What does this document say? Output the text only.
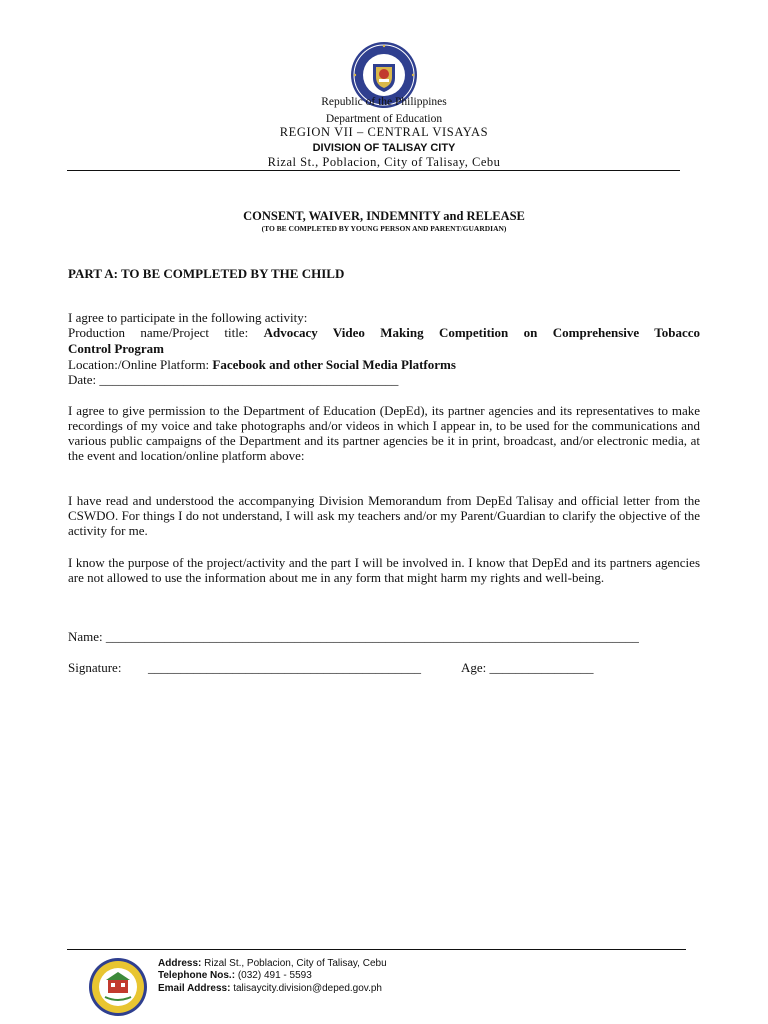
Republic of the Philippines
Department of Education
REGION VII – CENTRAL VISAYAS
DIVISION OF TALISAY CITY
Rizal St., Poblacion, City of Talisay, Cebu
CONSENT, WAIVER, INDEMNITY and RELEASE
(TO BE COMPLETED BY YOUNG PERSON AND PARENT/GUARDIAN)
PART A: TO BE COMPLETED BY THE CHILD
I agree to participate in the following activity:
Production name/Project title: Advocacy Video Making Competition on Comprehensive Tobacco
Control Program
Location:/Online Platform: Facebook and other Social Media Platforms
Date: ______________________________________________
I agree to give permission to the Department of Education (DepEd), its partner agencies and its representatives to make recordings of my voice and take photographs and/or videos in which I appear in, to be used for the communications and various public campaigns of the Department and its partner agencies be it in print, broadcast, and/or electronic media, at the event and location/online platform above:
I have read and understood the accompanying Division Memorandum from DepEd Talisay and official letter from the CSWDO. For things I do not understand, I will ask my teachers and/or my Parent/Guardian to clarify the objective of the activity for me.
I know the purpose of the project/activity and the part I will be involved in. I know that DepEd and its partners agencies are not allowed to use the information about me in any form that might harm my rights and well-being.
Name: __________________________________________________________________________________
Signature:	__________________________________________	Age: ________________
Address: Rizal St., Poblacion, City of Talisay, Cebu
Telephone Nos.: (032) 491 - 5593
Email Address: talisaycity.division@deped.gov.ph
